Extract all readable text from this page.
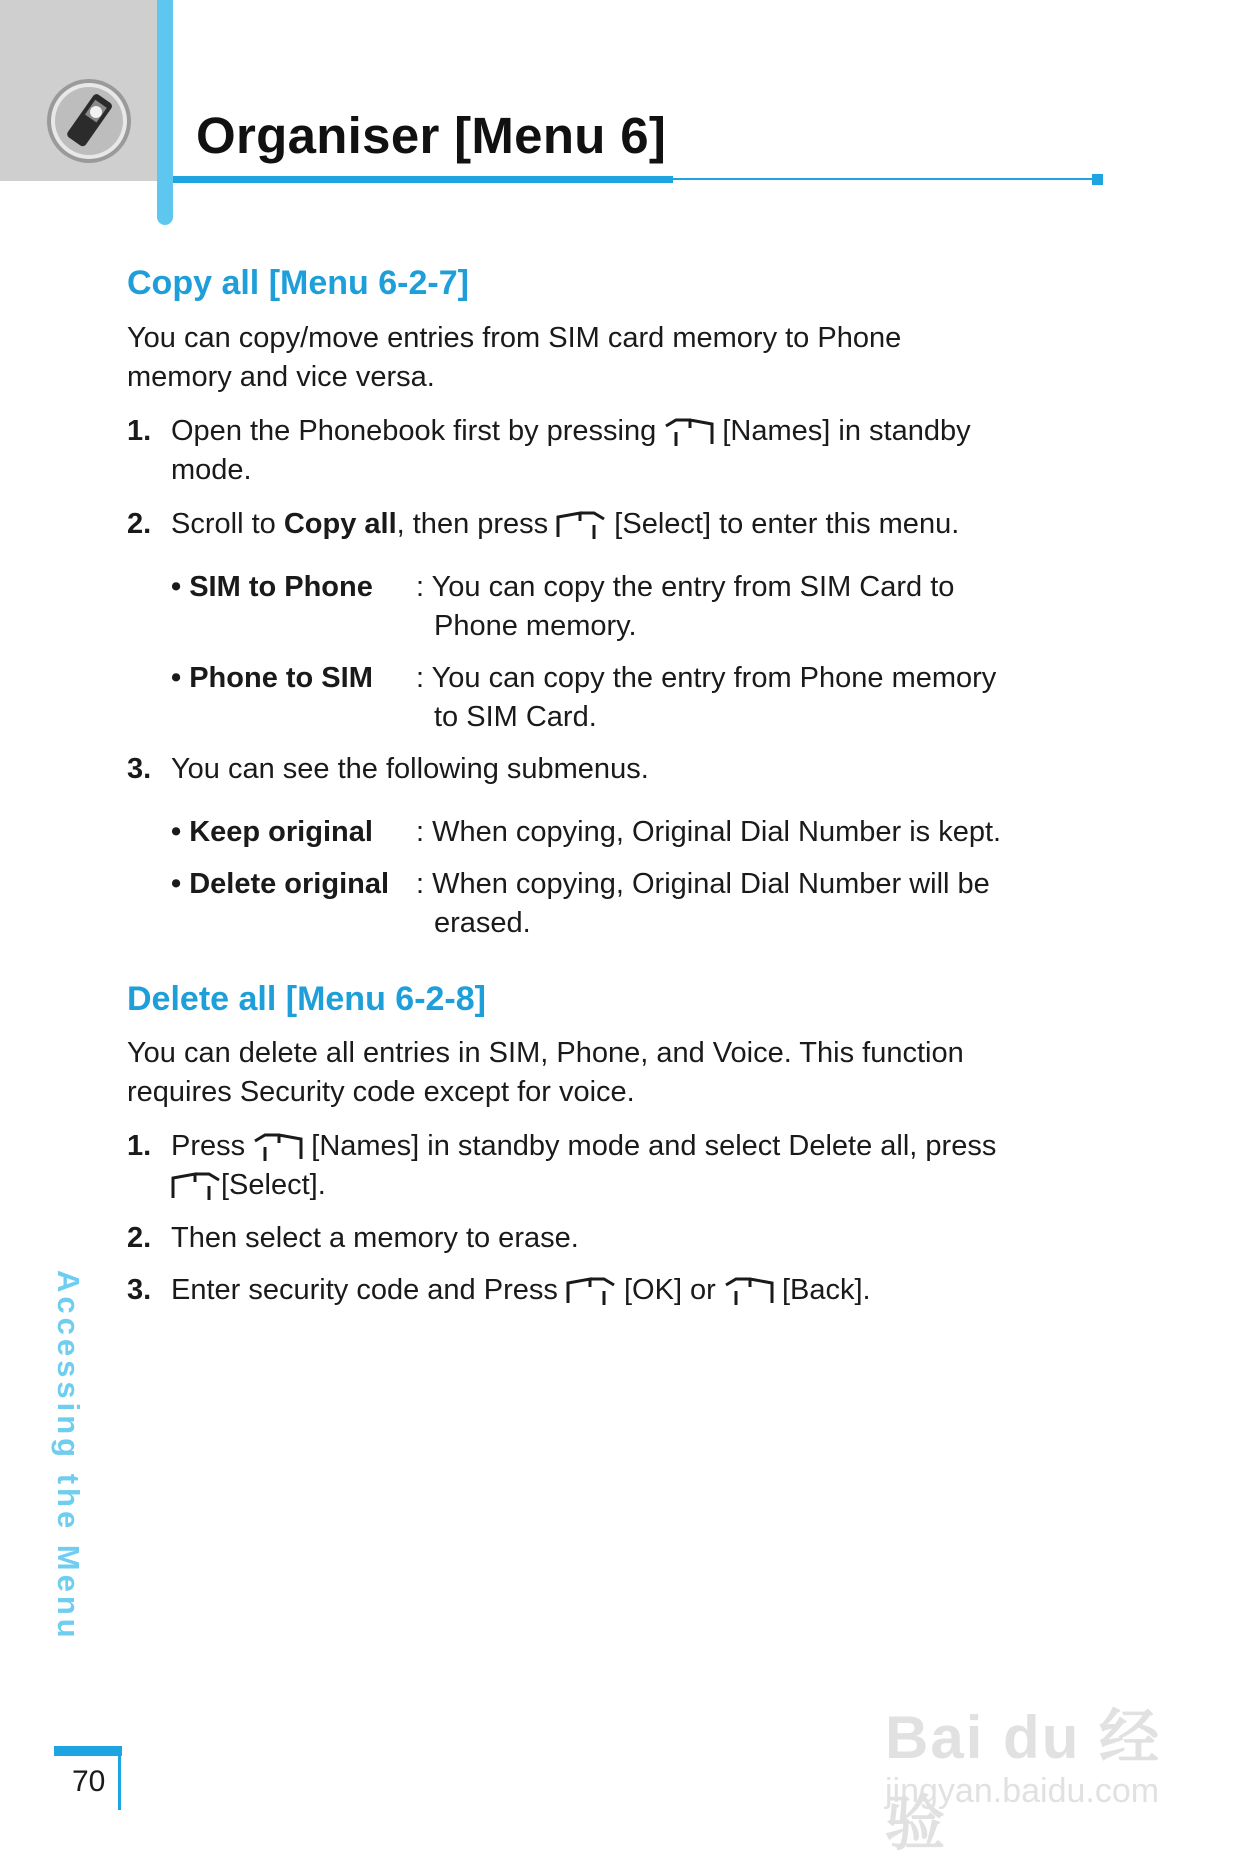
Organiser [Menu 6]
Copy all [Menu 6-2-7]
You can copy/move entries from SIM card memory to Phone
memory and vice versa.
1. Open the Phonebook first by pressing [Names] in standby
mode.
2. Scroll to Copy all, then press [Select] to enter this menu.
• SIM to Phone : You can copy the entry from SIM Card to
Phone memory.
• Phone to SIM : You can copy the entry from Phone memory
to SIM Card.
3. You can see the following submenus.
• Keep original : When copying, Original Dial Number is kept.
• Delete original : When copying, Original Dial Number will be
erased.
Delete all [Menu 6-2-8]
You can delete all entries in SIM, Phone, and Voice. This function
requires Security code except for voice.
1. Press [Names] in standby mode and select Delete all, press
[Select].
2. Then select a memory to erase.
3. Enter security code and Press [OK] or [Back].
Accessing the Menu
70
Bai du 经验
jingyan.baidu.com
